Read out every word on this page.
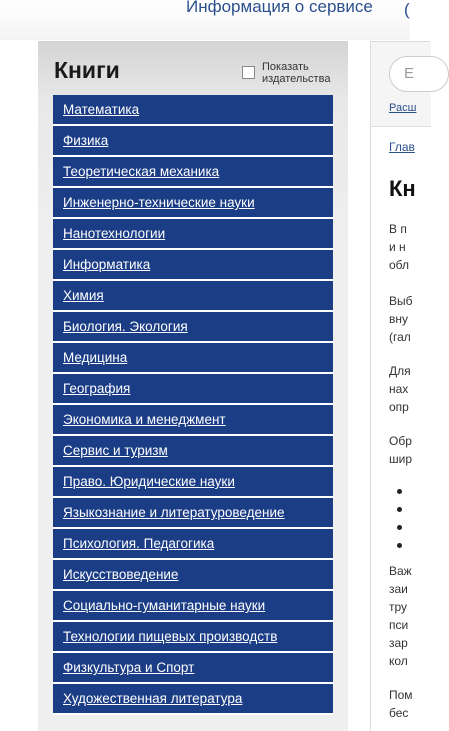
Информация о сервисе (
Книги	Показать издательства
Математика
Физика
Теоретическая механика
Инженерно-технические науки
Нанотехнологии
Информатика
Химия
Биология. Экология
Медицина
География
Экономика и менеджмент
Сервис и туризм
Право. Юридические науки
Языкознание и литературоведение
Психология. Педагогика
Искусствоведение
Социально-гуманитарные науки
Технологии пищевых производств
Физкультура и Спорт
Художественная литература
Е
Расш
Глав
Кн
В п
и н
обл
Выб
вну
(гал
Для
нах
опр
Обр
шир
Важ
заи
тру
пси
зар
кол
Пом
бес
